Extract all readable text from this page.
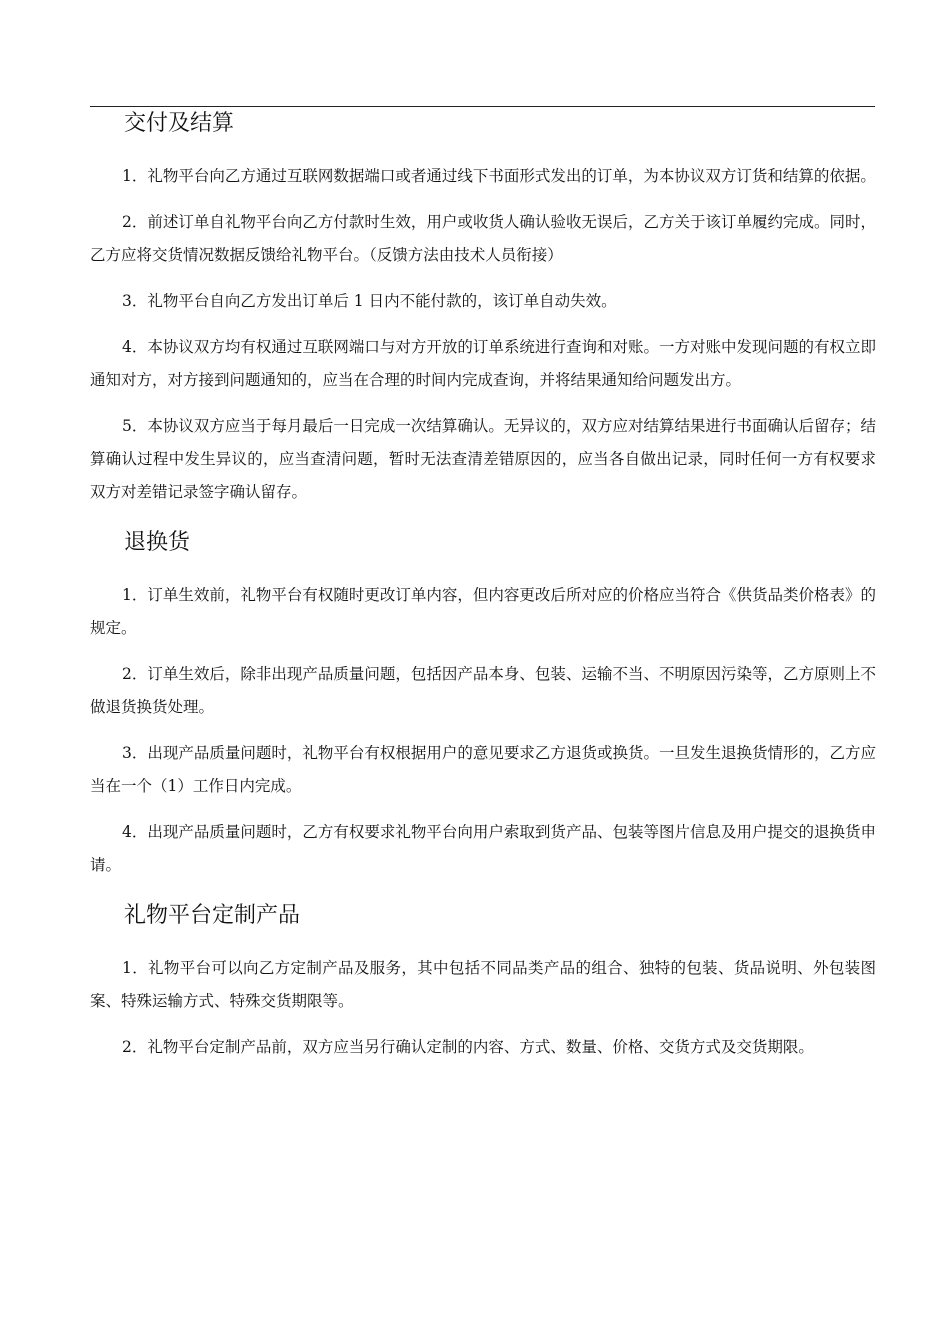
交付及结算

1．礼物平台向乙方通过互联网数据端口或者通过线下书面形式发出的订单，为本协议双方订货和结算的依据。

2．前述订单自礼物平台向乙方付款时生效，用户或收货人确认验收无误后，乙方关于该订单履约完成。同时，乙方应将交货情况数据反馈给礼物平台。（反馈方法由技术人员衔接）

3．礼物平台自向乙方发出订单后 1 日内不能付款的，该订单自动失效。

4．本协议双方均有权通过互联网端口与对方开放的订单系统进行查询和对账。一方对账中发现问题的有权立即通知对方，对方接到问题通知的，应当在合理的时间内完成查询，并将结果通知给问题发出方。

5．本协议双方应当于每月最后一日完成一次结算确认。无异议的，双方应对结算结果进行书面确认后留存；结算确认过程中发生异议的，应当查清问题，暂时无法查清差错原因的，应当各自做出记录，同时任何一方有权要求双方对差错记录签字确认留存。

退换货

1．订单生效前，礼物平台有权随时更改订单内容，但内容更改后所对应的价格应当符合《供货品类价格表》的规定。

2．订单生效后，除非出现产品质量问题，包括因产品本身、包装、运输不当、不明原因污染等，乙方原则上不做退货换货处理。

3．出现产品质量问题时，礼物平台有权根据用户的意见要求乙方退货或换货。一旦发生退换货情形的，乙方应当在一个（1）工作日内完成。

4．出现产品质量问题时，乙方有权要求礼物平台向用户索取到货产品、包装等图片信息及用户提交的退换货申请。

礼物平台定制产品

1．礼物平台可以向乙方定制产品及服务，其中包括不同品类产品的组合、独特的包装、货品说明、外包装图案、特殊运输方式、特殊交货期限等。

2．礼物平台定制产品前，双方应当另行确认定制的内容、方式、数量、价格、交货方式及交货期限。
